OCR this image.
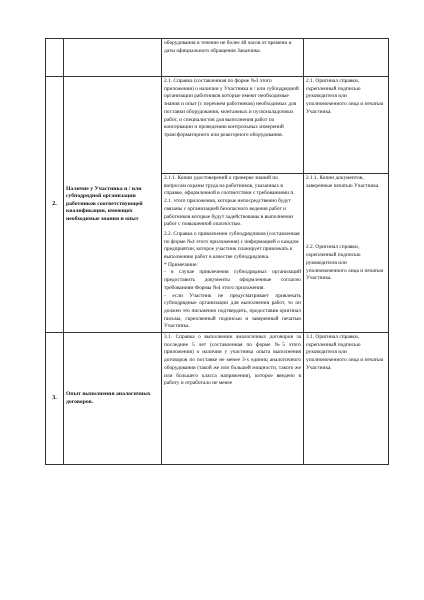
		оборудования в течение не более 48 часов от времени и даты официального обращения Заказчика.	

2.	Наличие у Участника и / или субподрядной организации работников соответствующей квалификации, имеющих необходимые знания и опыт	2.1. Справка (составленная по форме №3 этого приложения) о наличии у Участника и / или субподрядной организации работников которые имеют необходимые знания и опыт (с перечнем работников) необходимых для поставки оборудования, монтажных и пусконаладочных работ, и специалистов для выполнения работ по консервации и проведению контрольных измерений трансформаторного или реакторного оборудования.	2.1. Оригинал справки, скрепленный подписью руководителя или уполномоченного лица и печатью Участника.

		2.1.1. Копии удостоверений о проверке знаний по вопросам охраны труда на работников, указанных в справке, оформленной в соответствии с требованиями п. 2.1. этого приложения, которые непосредственно будут связаны с организацией безопасного ведения работ и работников которые будут задействованы в выполнении работ с повышенной опасностью.
2.2. Справка о привлечении субподрядчиков (составленная по форме №4 этого приложения) с информацией о каждом предприятии, которое участник планирует привлекать к выполнению работ в качестве субподрядчика.
* Примечание:
- в случае привлечения субподрядных организаций предоставить документы оформленные согласно требованиям Формы №4 этого приложения.
- если Участник не предусматривает привлекать субподрядные организации для выполнения работ, то он должен это письменно подтвердить, предоставив оригинал письма, скрепленный подписью и заверенный печатью Участника.	2.1.1. Копии документов, заверенные печатью Участника.
2.2. Оригинал справки, скрепленный подписью руководителя или уполномоченного лица и печатью Участника.

3.	Опыт выполнения аналогичных договоров.	3.1. Справка о выполнении аналогичных договоров за последние 5 лет (составленная по форме №5 этого приложения) о наличии у участника опыта выполнения договоров по поставке не менее 3-х единиц аналогичного оборудования (такой же или большей мощности, такого же или большего класса напряжения), которое введено в работу и отработало не менее	3.1. Оригинал справки, скрепленный подписью руководителя или уполномоченного лица и печатью Участника.
